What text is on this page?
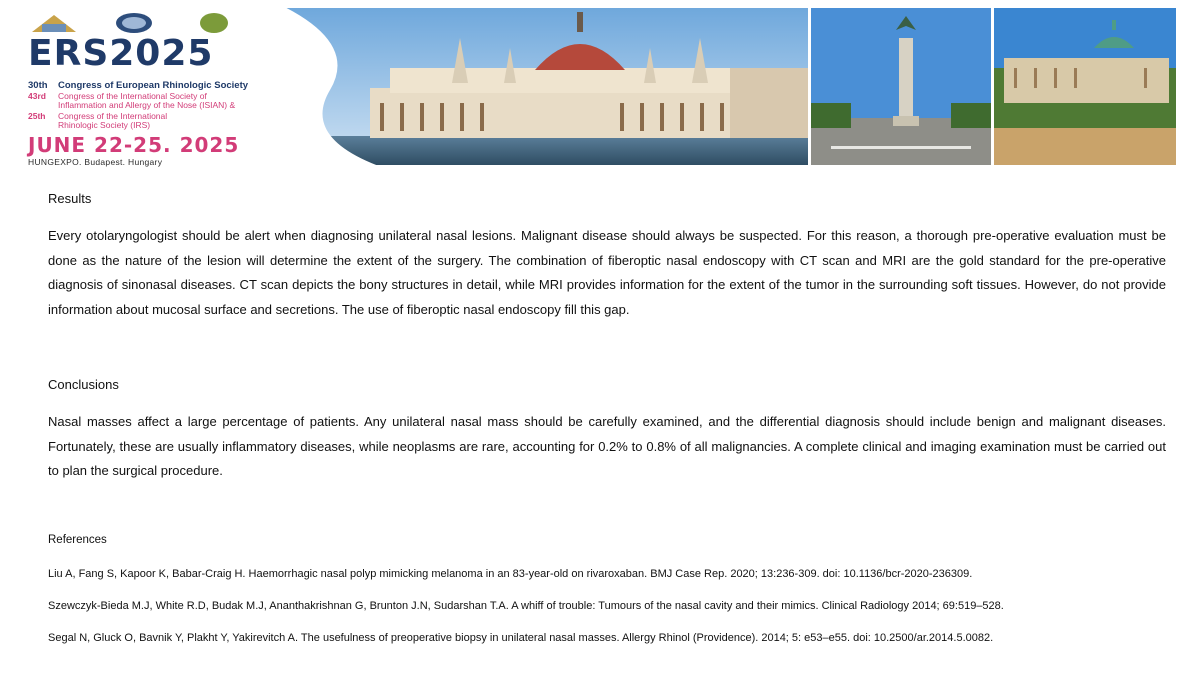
ERS2025
30th Congress of European Rhinologic Society
43rd Congress of the International Society of
Inflammation and Allergy of the Nose (ISIAN) &
25th Congress of the International
Rhinologic Society (IRS)
JUNE 22-25. 2025
HUNGEXPO. Budapest. Hungary
Results

Every otolaryngologist should be alert when diagnosing unilateral nasal lesions. Malignant disease should always be suspected. For this reason, a thorough pre-operative evaluation must be done as the nature of the lesion will determine the extent of the surgery. The combination of fiberoptic nasal endoscopy with CT scan and MRI are the gold standard for the pre-operative diagnosis of sinonasal diseases. CT scan depicts the bony structures in detail, while MRI provides information for the extent of the tumor in the surrounding soft tissues. However, do not provide information about mucosal surface and secretions. The use of fiberoptic nasal endoscopy fill this gap.

Conclusions

Nasal masses affect a large percentage of patients. Any unilateral nasal mass should be carefully examined, and the differential diagnosis should include benign and malignant diseases. Fortunately, these are usually inflammatory diseases, while neoplasms are rare, accounting for 0.2% to 0.8% of all malignancies. A complete clinical and imaging examination must be carried out to plan the surgical procedure.

References
Liu A, Fang S, Kapoor K, Babar-Craig H. Haemorrhagic nasal polyp mimicking melanoma in an 83-year-old on rivaroxaban. BMJ Case Rep. 2020; 13:236-309. doi: 10.1136/bcr-2020-236309.
Szewczyk-Bieda M.J, White R.D, Budak M.J, Ananthakrishnan G, Brunton J.N, Sudarshan T.A. A whiff of trouble: Tumours of the nasal cavity and their mimics. Clinical Radiology 2014; 69:519–528.
Segal N, Gluck O, Bavnik Y, Plakht Y, Yakirevitch A. The usefulness of preoperative biopsy in unilateral nasal masses. Allergy Rhinol (Providence). 2014; 5: e53–e55. doi: 10.2500/ar.2014.5.0082.
